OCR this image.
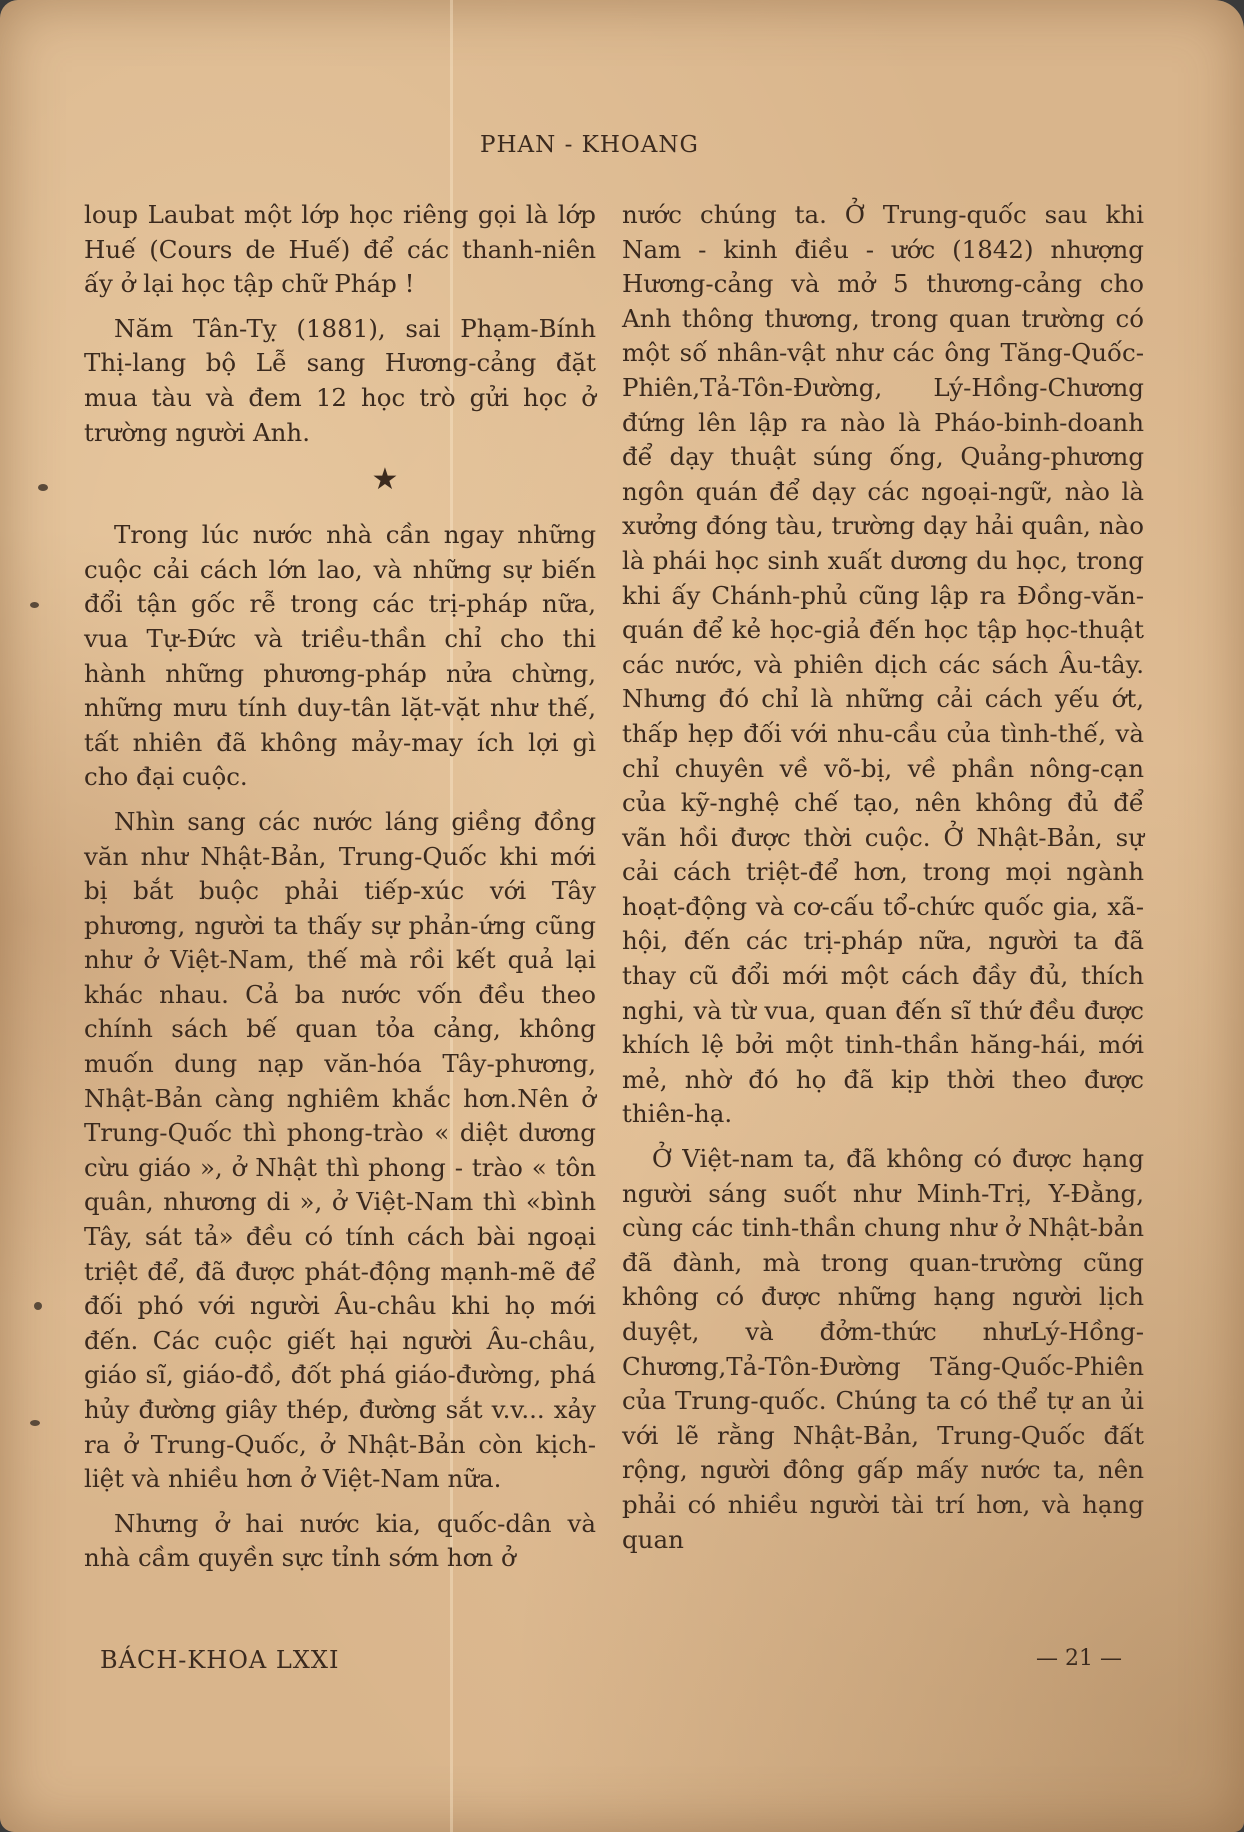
PHAN - KHOANG

loup Laubat một lớp học riêng gọi là lớp Huế (Cours de Huế) để các thanh-niên ấy ở lại học tập chữ Pháp !

Năm Tân-Tỵ (1881), sai Phạm-Bính Thị-lang bộ Lễ sang Hương-cảng đặt mua tàu và đem 12 học trò gửi học ở trường người Anh.

★

Trong lúc nước nhà cần ngay những cuộc cải cách lớn lao, và những sự biến đổi tận gốc rễ trong các trị-pháp nữa, vua Tự-Đức và triều-thần chỉ cho thi hành những phương-pháp nửa chừng, những mưu tính duy-tân lặt-vặt như thế, tất nhiên đã không mảy-may ích lợi gì cho đại cuộc.

Nhìn sang các nước láng giềng đồng văn như Nhật-Bản, Trung-Quốc khi mới bị bắt buộc phải tiếp-xúc với Tây phương, người ta thấy sự phản-ứng cũng như ở Việt-Nam, thế mà rồi kết quả lại khác nhau. Cả ba nước vốn đều theo chính sách bế quan tỏa cảng, không muốn dung nạp văn-hóa Tây-phương, Nhật-Bản càng nghiêm khắc hơn.Nên ở Trung-Quốc thì phong-trào « diệt dương cừu giáo », ở Nhật thì phong - trào « tôn quân, nhương di », ở Việt-Nam thì «bình Tây, sát tả» đều có tính cách bài ngoại triệt để, đã được phát-động mạnh-mẽ để đối phó với người Âu-châu khi họ mới đến. Các cuộc giết hại người Âu-châu, giáo sĩ, giáo-đồ, đốt phá giáo-đường, phá hủy đường giây thép, đường sắt v.v... xảy ra ở Trung-Quốc, ở Nhật-Bản còn kịch-liệt và nhiều hơn ở Việt-Nam nữa.

Nhưng ở hai nước kia, quốc-dân và nhà cầm quyền sực tỉnh sớm hơn ở

nước chúng ta. Ở Trung-quốc sau khi Nam - kinh điều - ước (1842) nhượng Hương-cảng và mở 5 thương-cảng cho Anh thông thương, trong quan trường có một số nhân-vật như các ông Tăng-Quốc-Phiên,Tả-Tôn-Đường, Lý-Hồng-Chương đứng lên lập ra nào là Pháo-binh-doanh để dạy thuật súng ống, Quảng-phương ngôn quán để dạy các ngoại-ngữ, nào là xưởng đóng tàu, trường dạy hải quân, nào là phái học sinh xuất dương du học, trong khi ấy Chánh-phủ cũng lập ra Đồng-văn-quán để kẻ học-giả đến học tập học-thuật các nước, và phiên dịch các sách Âu-tây. Nhưng đó chỉ là những cải cách yếu ớt, thấp hẹp đối với nhu-cầu của tình-thế, và chỉ chuyên về võ-bị, về phần nông-cạn của kỹ-nghệ chế tạo, nên không đủ để vãn hồi được thời cuộc. Ở Nhật-Bản, sự cải cách triệt-để hơn, trong mọi ngành hoạt-động và cơ-cấu tổ-chức quốc gia, xã-hội, đến các trị-pháp nữa, người ta đã thay cũ đổi mới một cách đầy đủ, thích nghi, và từ vua, quan đến sĩ thứ đều được khích lệ bởi một tinh-thần hăng-hái, mới mẻ, nhờ đó họ đã kịp thời theo được thiên-hạ.

Ở Việt-nam ta, đã không có được hạng người sáng suốt như Minh-Trị, Y-Đằng, cùng các tinh-thần chung như ở Nhật-bản đã đành, mà trong quan-trường cũng không có được những hạng người lịch duyệt, và đởm-thức nhưLý-Hồng-Chương,Tả-Tôn-Đường Tăng-Quốc-Phiên của Trung-quốc. Chúng ta có thể tự an ủi với lẽ rằng Nhật-Bản, Trung-Quốc đất rộng, người đông gấp mấy nước ta, nên phải có nhiều người tài trí hơn, và hạng quan

BÁCH-KHOA LXXI	— 21 —
